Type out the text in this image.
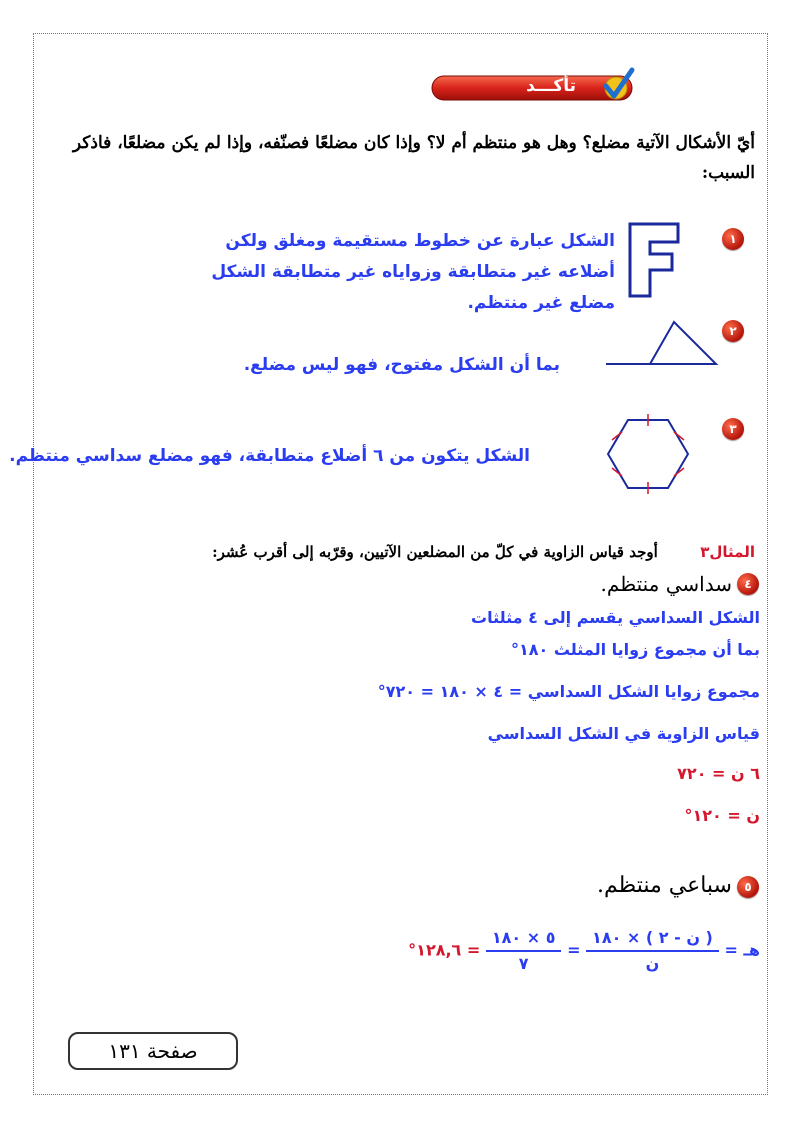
تأكـــد
أيّ الأشكال الآتية مضلع؟ وهل هو منتظم أم لا؟ وإذا كان مضلعًا فصنّفه، وإذا لم يكن مضلعًا، فاذكر السبب:
١
الشكل عبارة عن خطوط مستقيمة ومغلق ولكن أضلاعه غير متطابقة وزواياه غير متطابقة الشكل مضلع غير منتظم.
٢
بما أن الشكل مفتوح، فهو ليس مضلع.
٣
الشكل يتكون من ٦ أضلاع متطابقة، فهو مضلع سداسي منتظم.
المثال٣  أوجد قياس الزاوية في كلّ من المضلعين الآتيين، وقرّبه إلى أقرب عُشر:
٤
سداسي منتظم.
الشكل السداسي يقسم إلى ٤ مثلثات
بما أن مجموع زوايا المثلث ١٨٠°
مجموع زوايا الشكل السداسي = ٤ × ١٨٠ = ٧٢٠°
قياس الزاوية في الشكل السداسي
٦ ن = ٧٢٠
ن = ١٢٠°
٥
سباعي منتظم.
هـ =
$\frac{\text{( ن - ٢ ) × ١٨٠}}{\text{ن}}$
=
$\frac{٥ \times ١٨٠}{٧}$
= ١٢٨,٦°
صفحة ١٣١
